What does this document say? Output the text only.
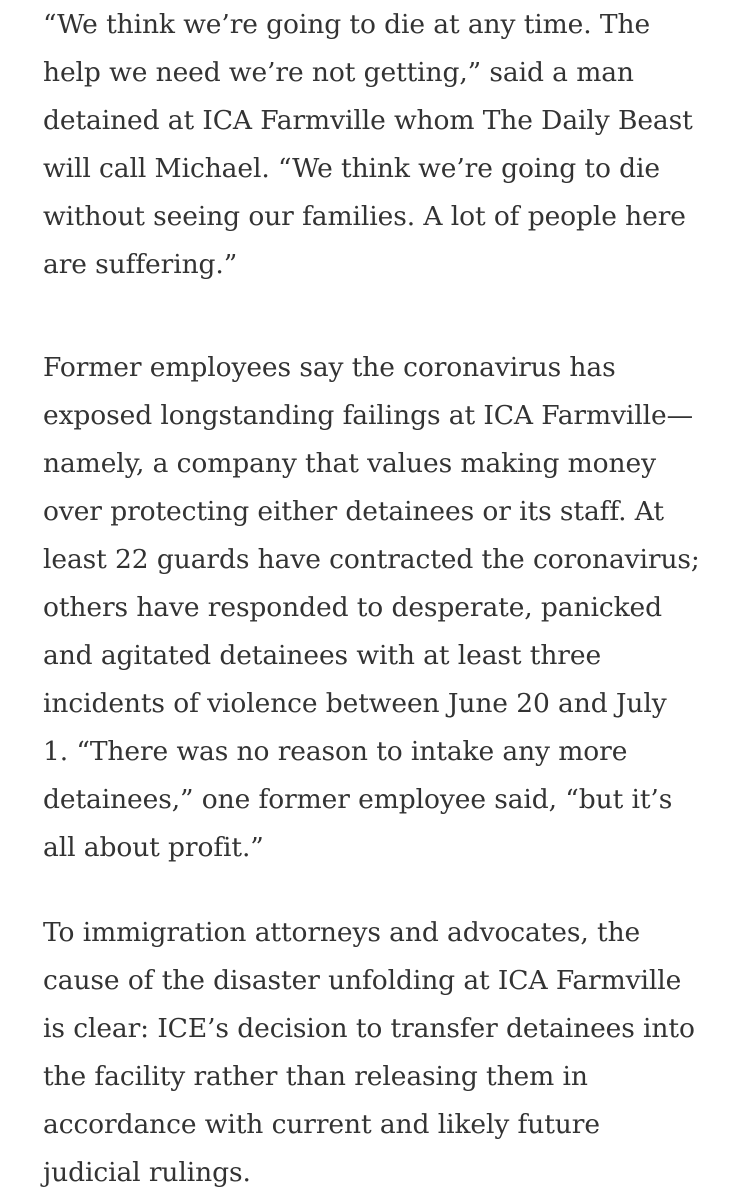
“We think we’re going to die at any time. The
help we need we’re not getting,” said a man
detained at ICA Farmville whom The Daily Beast
will call Michael. “We think we’re going to die
without seeing our families. A lot of people here
are suffering.”

Former employees say the coronavirus has
exposed longstanding failings at ICA Farmville—
namely, a company that values making money
over protecting either detainees or its staff. At
least 22 guards have contracted the coronavirus;
others have responded to desperate, panicked
and agitated detainees with at least three
incidents of violence between June 20 and July
1. “There was no reason to intake any more
detainees,” one former employee said, “but it’s
all about profit.”

To immigration attorneys and advocates, the
cause of the disaster unfolding at ICA Farmville
is clear: ICE’s decision to transfer detainees into
the facility rather than releasing them in
accordance with current and likely future
judicial rulings.
